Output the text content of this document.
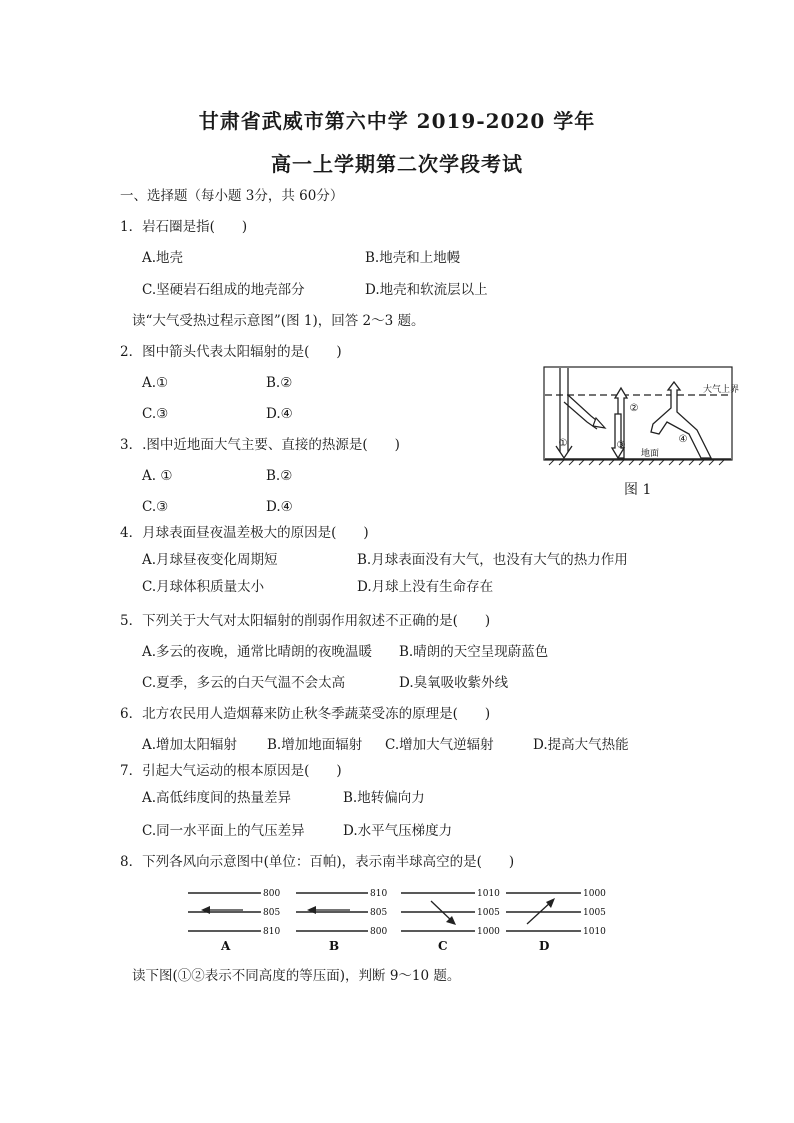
甘肃省武威市第六中学 2019-2020 学年
高一上学期第二次学段考试
一、选择题（每小题 3分，共 60分）
1．岩石圈是指(　　)
A.地壳	B.地壳和上地幔
C.坚硬岩石组成的地壳部分	D.地壳和软流层以上
读“大气受热过程示意图”(图 1)，回答 2～3 题。
2．图中箭头代表太阳辐射的是(　　)
A.①	B.②
C.③	D.④
3．.图中近地面大气主要、直接的热源是(　　)
A. ①	B.②
C.③	D.④
①
②
③
④
大气上界
地面
图 1
4．月球表面昼夜温差极大的原因是(　　)
A.月球昼夜变化周期短	B.月球表面没有大气，也没有大气的热力作用
C.月球体积质量太小	D.月球上没有生命存在
5．下列关于大气对太阳辐射的削弱作用叙述不正确的是(　　)
A.多云的夜晚，通常比晴朗的夜晚温暖 B.晴朗的天空呈现蔚蓝色
C.夏季，多云的白天气温不会太高	D.臭氧吸收紫外线
6．北方农民用人造烟幕来防止秋冬季蔬菜受冻的原理是(　　)
A.增加太阳辐射 B.增加地面辐射 C.增加大气逆辐射	D.提高大气热能
7．引起大气运动的根本原因是(　　)
A.高低纬度间的热量差异	B.地转偏向力
C.同一水平面上的气压差异	D.水平气压梯度力
8．下列各风向示意图中(单位：百帕)，表示南半球高空的是(　　)
800
805
810
810
805
800
1010
1005
1000
1000
1005
1010
A	B	C	D
读下图(①②表示不同高度的等压面)，判断 9～10 题。
